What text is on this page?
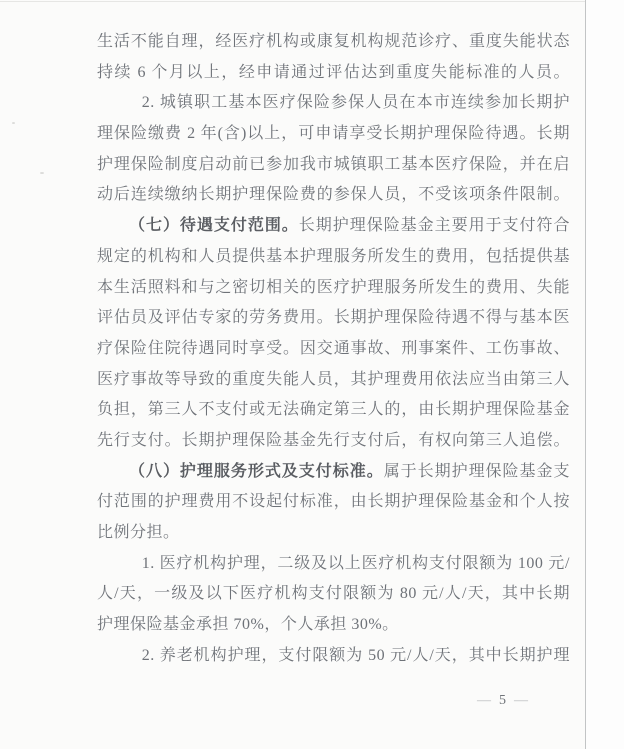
生活不能自理，经医疗机构或康复机构规范诊疗、重度失能状态
持续 6 个月以上，经申请通过评估达到重度失能标准的人员。
2. 城镇职工基本医疗保险参保人员在本市连续参加长期护
理保险缴费 2 年(含)以上，可申请享受长期护理保险待遇。长期
护理保险制度启动前已参加我市城镇职工基本医疗保险，并在启
动后连续缴纳长期护理保险费的参保人员，不受该项条件限制。
（七）待遇支付范围。长期护理保险基金主要用于支付符合
规定的机构和人员提供基本护理服务所发生的费用，包括提供基
本生活照料和与之密切相关的医疗护理服务所发生的费用、失能
评估员及评估专家的劳务费用。长期护理保险待遇不得与基本医
疗保险住院待遇同时享受。因交通事故、刑事案件、工伤事故、
医疗事故等导致的重度失能人员，其护理费用依法应当由第三人
负担，第三人不支付或无法确定第三人的，由长期护理保险基金
先行支付。长期护理保险基金先行支付后，有权向第三人追偿。
（八）护理服务形式及支付标准。属于长期护理保险基金支
付范围的护理费用不设起付标准，由长期护理保险基金和个人按
比例分担。
1. 医疗机构护理，二级及以上医疗机构支付限额为 100 元/
人/天，一级及以下医疗机构支付限额为 80 元/人/天，其中长期
护理保险基金承担 70%，个人承担 30%。
2. 养老机构护理，支付限额为 50 元/人/天，其中长期护理
— 5 —
